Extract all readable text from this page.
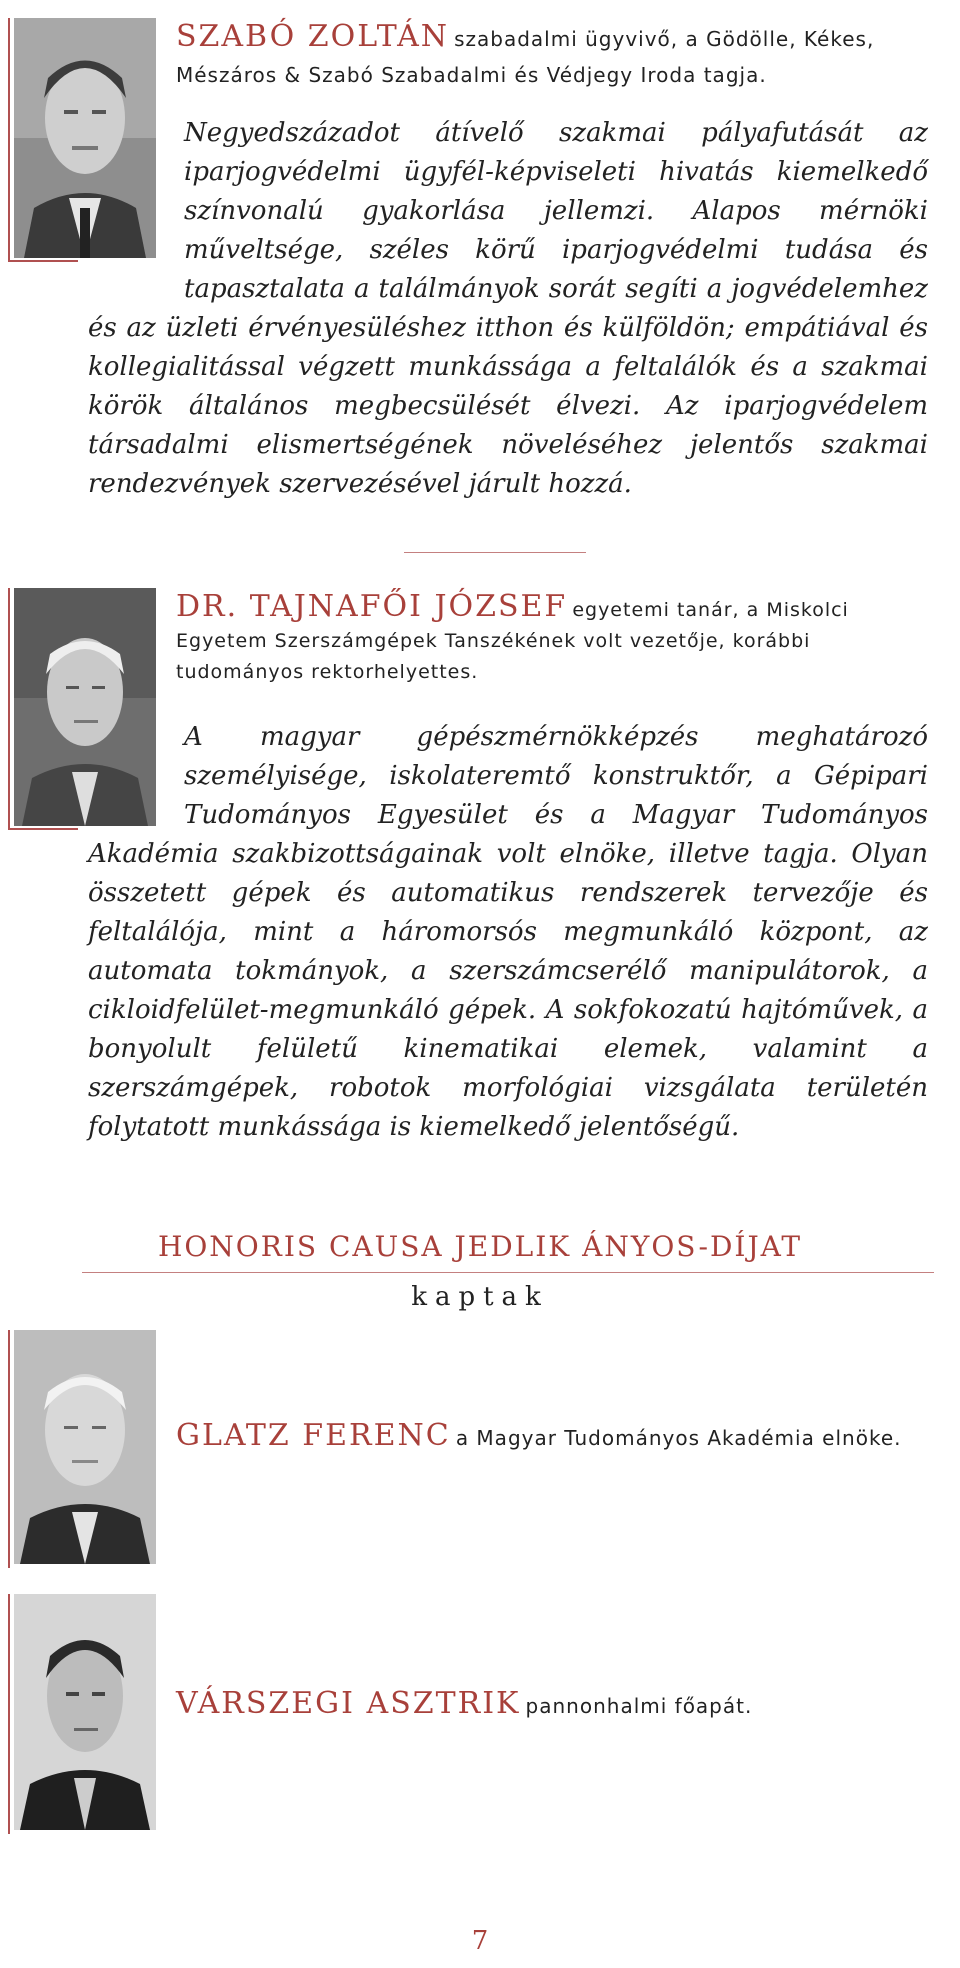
SZABÓ ZOLTÁN szabadalmi ügyvivő, a Gödölle, Kékes,
Mészáros & Szabó Szabadalmi és Védjegy Iroda tagja.
Negyedszázadot átívelő szakmai pályafutását az iparjogvédelmi ügyfél-képviseleti hivatás kiemelkedő színvonalú gyakorlása jellemzi. Alapos mérnöki műveltsége, széles körű iparjogvédelmi tudása és tapasztalata a találmányok sorát segíti a jogvédelemhez és az üzleti érvényesüléshez itthon és külföldön; empátiával és kollegialitással végzett munkássága a feltalálók és a szakmai körök általános megbecsülését élvezi. Az iparjogvédelem társadalmi elismertségének növeléséhez jelentős szakmai rendezvények szervezésével járult hozzá.
DR. TAJNAFŐI JÓZSEF egyetemi tanár, a Miskolci Egyetem Szerszámgépek Tanszékének volt vezetője, korábbi tudományos rektorhelyettes.
A magyar gépészmérnökképzés meghatározó személyisége, iskolateremtő konstruktőr, a Gépipari Tudományos Egyesület és a Magyar Tudományos Akadémia szakbizottságainak volt elnöke, illetve tagja. Olyan összetett gépek és automatikus rendszerek tervezője és feltalálója, mint a háromorsós megmunkáló központ, az automata tokmányok, a szerszámcserélő manipulátorok, a cikloidfelület-megmunkáló gépek. A sokfokozatú hajtóművek, a bonyolult felületű kinematikai elemek, valamint a szerszámgépek, robotok morfológiai vizsgálata területén folytatott munkássága is kiemelkedő jelentőségű.
HONORIS CAUSA JEDLIK ÁNYOS-DÍJAT
kaptak
GLATZ FERENC a Magyar Tudományos Akadémia elnöke.
VÁRSZEGI ASZTRIK pannonhalmi főapát.
7
